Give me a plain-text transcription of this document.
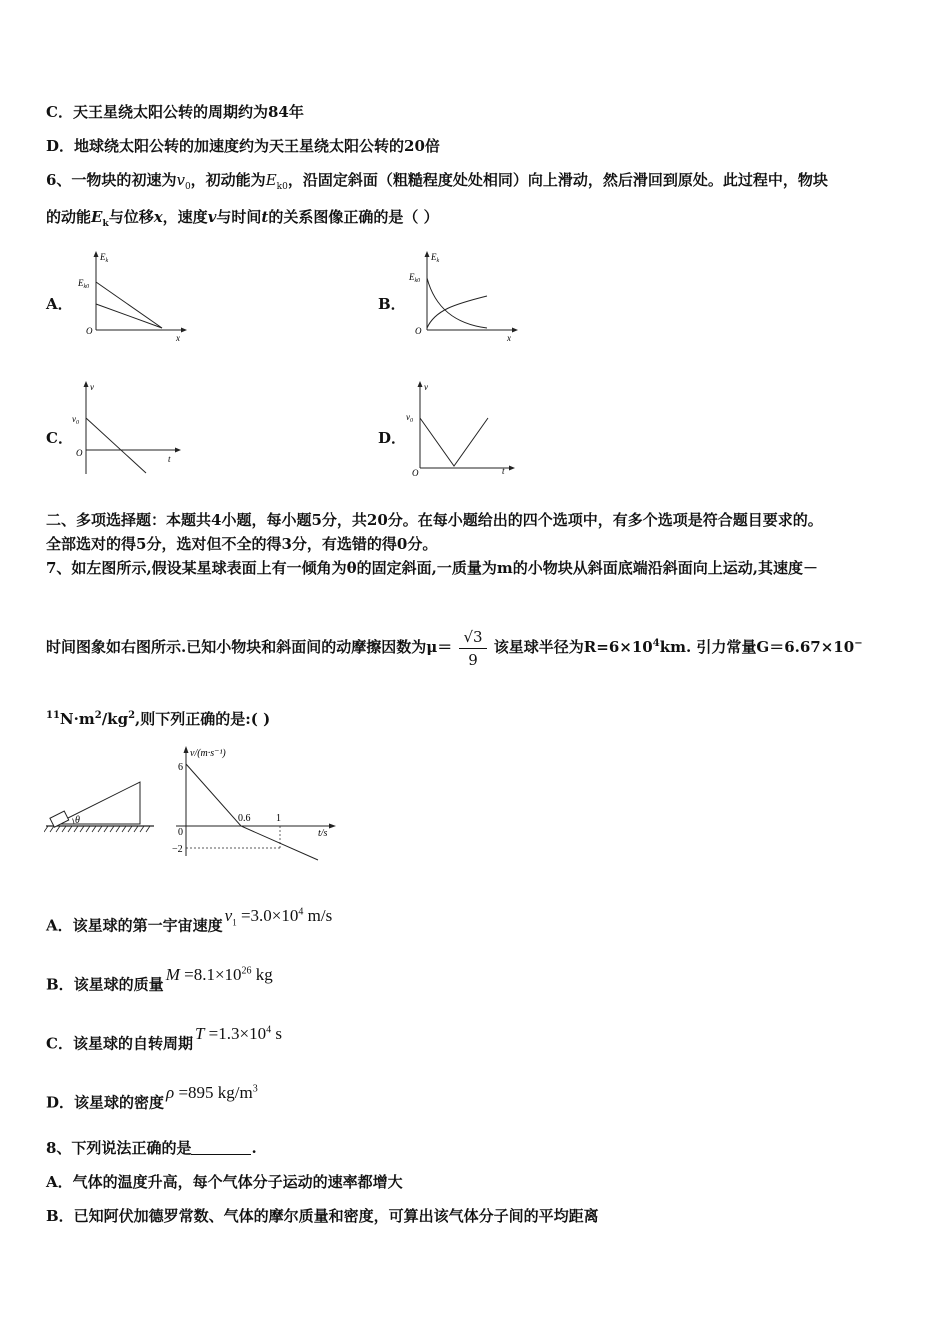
C．天王星绕太阳公转的周期约为84年
D．地球绕太阳公转的加速度约为天王星绕太阳公转的20倍
6、一物块的初速为$v_0$，初动能为$E_{k0}$，沿固定斜面（粗糙程度处处相同）向上滑动，然后滑回到原处。此过程中，物块
的动能$E_k$与位移x，速度v与时间t的关系图像正确的是（ ）
A．	B．
C．	D．
$E_k$
$E_{k0}$
O
x
$E_k$
$E_{k0}$
O
x
v
$v_0$
O
t
v
$v_0$
O	t
二、多项选择题：本题共4小题，每小题5分，共20分。在每小题给出的四个选项中，有多个选项是符合题目要求的。
全部选对的得5分，选对但不全的得3分，有选错的得0分。
7、如左图所示,假设某星球表面上有一倾角为θ的固定斜面,一质量为m的小物块从斜面底端沿斜面向上运动,其速度－
时间图象如右图所示.已知小物块和斜面间的动摩擦因数为$\mu= \frac{√3}{9}$ 该星球半径为$R=6\times 10^4km$. 引力常量G＝6.67×10−
$^{11}N\cdot m^2/kg^2$,则下列正确的是:( )
θ
v/(m·s⁻¹)
6
0
−2
0.6	1
t/s
A．该星球的第一宇宙速度$v_1 =3.0\times 10^4$ m/s
B．该星球的质量$M =8.1\times 10^{26}$ kg
C．该星球的自转周期$T =1.3\times 10^4$ s
D．该星球的密度ρ =895 $kg/m^3$
8、下列说法正确的是	.
A．气体的温度升高，每个气体分子运动的速率都增大
B．已知阿伏加德罗常数、气体的摩尔质量和密度，可算出该气体分子间的平均距离
